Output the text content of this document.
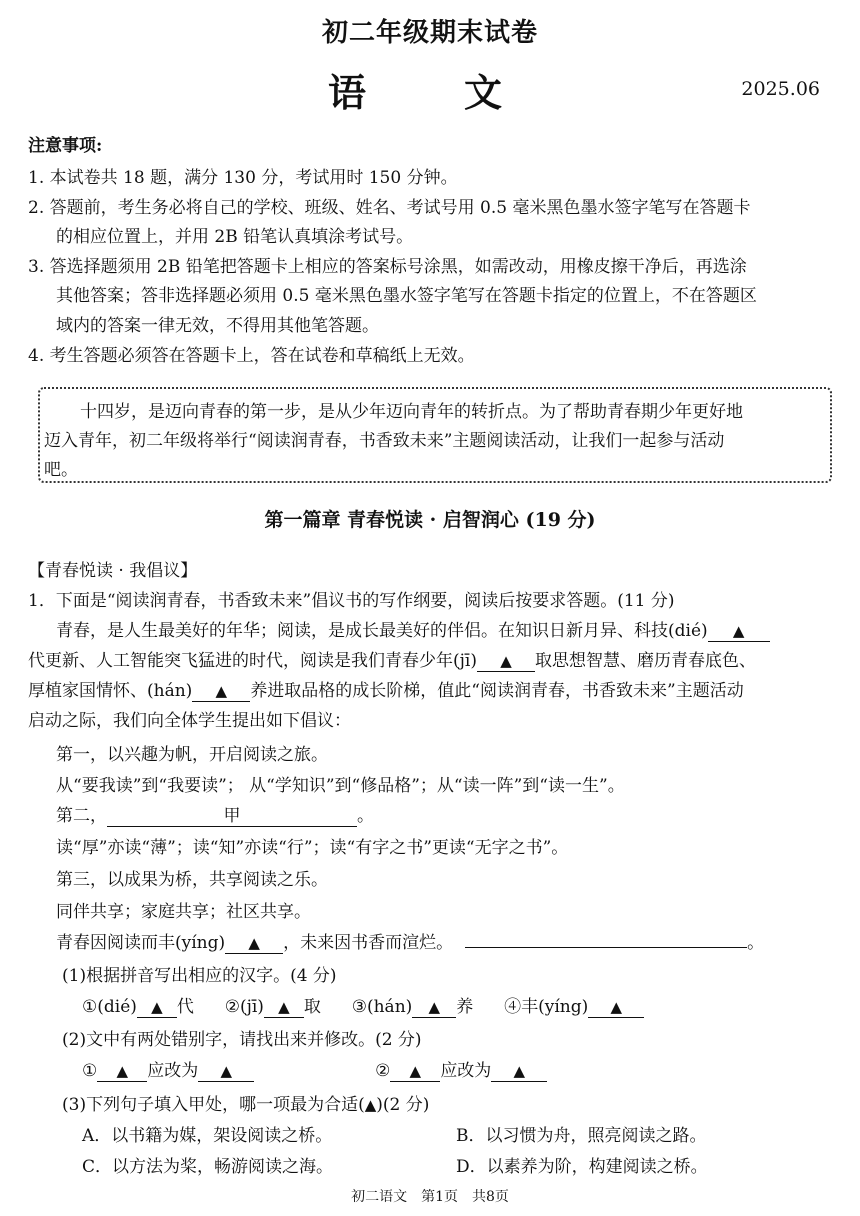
初二年级期末试卷
语　文	2025.06
注意事项:
1. 本试卷共 18 题，满分 130 分，考试用时 150 分钟。
2. 答题前，考生务必将自己的学校、班级、姓名、考试号用 0.5 毫米黑色墨水签字笔写在答题卡
的相应位置上，并用 2B 铅笔认真填涂考试号。
3. 答选择题须用 2B 铅笔把答题卡上相应的答案标号涂黑，如需改动，用橡皮擦干净后，再选涂
其他答案；答非选择题必须用 0.5 毫米黑色墨水签字笔写在答题卡指定的位置上，不在答题区
域内的答案一律无效，不得用其他笔答题。
4. 考生答题必须答在答题卡上，答在试卷和草稿纸上无效。
十四岁，是迈向青春的第一步，是从少年迈向青年的转折点。为了帮助青春期少年更好地
迈入青年，初二年级将举行“阅读润青春，书香致未来”主题阅读活动，让我们一起参与活动
吧。
第一篇章 青春悦读 · 启智润心 (19 分)
【青春悦读 · 我倡议】
1．下面是“阅读润青春，书香致未来”倡议书的写作纲要，阅读后按要求答题。(11 分)
青春，是人生最美好的年华；阅读，是成长最美好的伴侣。在知识日新月异、科技(dié) ▲
代更新、人工智能突飞猛进的时代，阅读是我们青春少年(jī) ▲ 取思想智慧、磨历青春底色、
厚植家国情怀、(hán) ▲ 养进取品格的成长阶梯，值此“阅读润青春，书香致未来”主题活动
启动之际，我们向全体学生提出如下倡议：
第一，以兴趣为帆，开启阅读之旅。
从“要我读”到“我要读”； 从“学知识”到“修品格”；从“读一阵”到“读一生”。
第二，	甲	。
读“厚”亦读“薄”；读“知”亦读“行”；读“有字之书”更读“无字之书”。
第三，以成果为桥，共享阅读之乐。
同伴共享；家庭共享；社区共享。
青春因阅读而丰(yíng) ▲ ，未来因书香而渲烂。	。
(1)根据拼音写出相应的汉字。(4 分)
①(dié) ▲ 代 ②(jī) ▲ 取 ③(hán) ▲ 养 ④丰(yíng) ▲
(2)文中有两处错别字，请找出来并修改。(2 分)
① ▲ 应改为 ▲	② ▲ 应改为 ▲
(3)下列句子填入甲处，哪一项最为合适(▲)(2 分)
A．以书籍为媒，架设阅读之桥。	B．以习惯为舟，照亮阅读之路。
C．以方法为桨，畅游阅读之海。	D．以素养为阶，构建阅读之桥。
初二语文　第1页　共8页
